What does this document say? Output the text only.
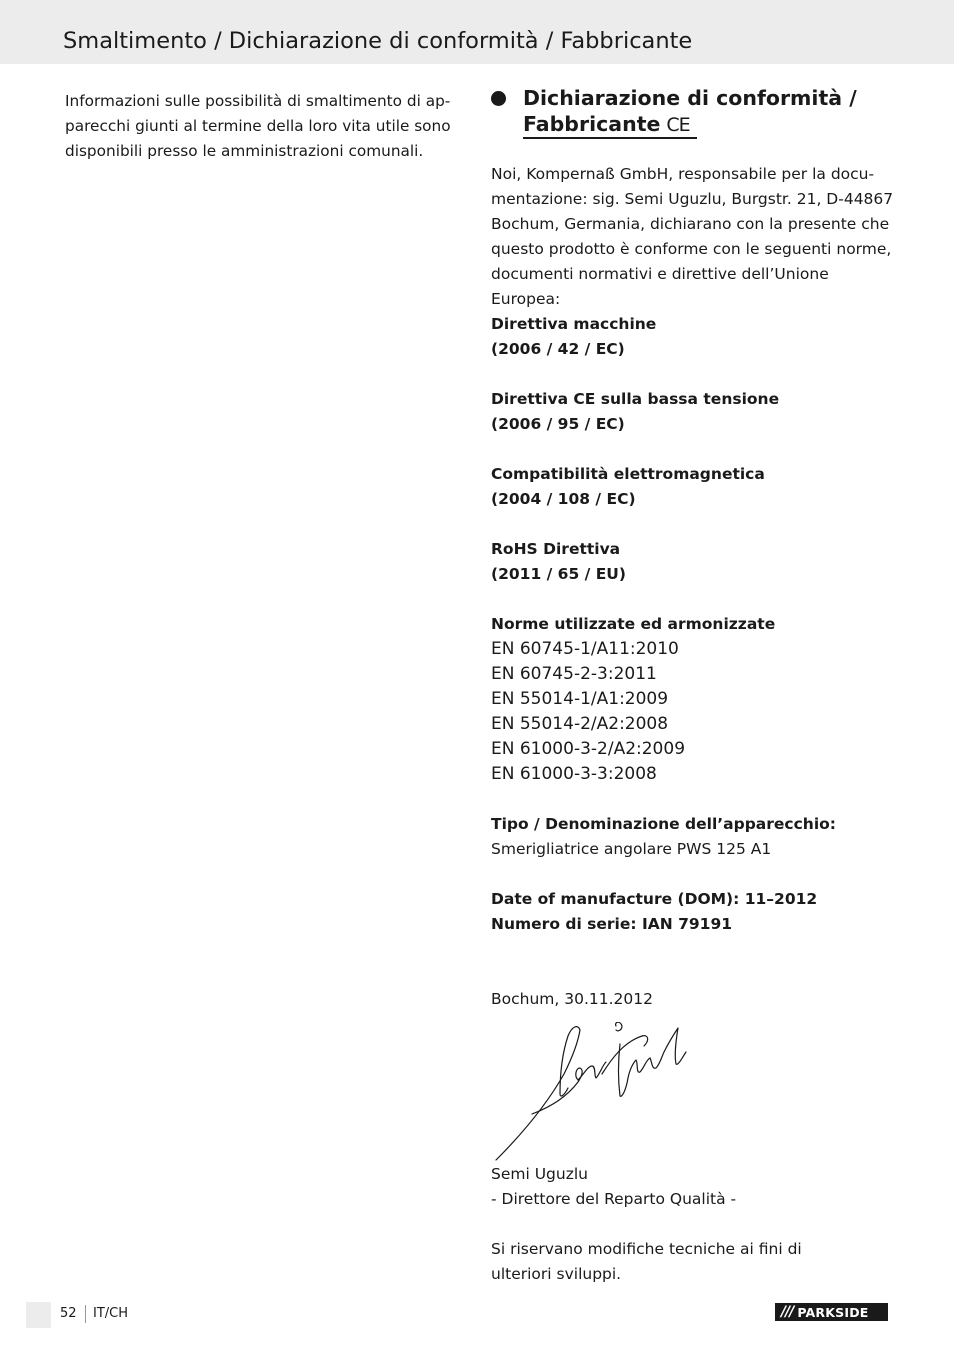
Smaltimento / Dichiarazione di conformità / Fabbricante

Informazioni sulle possibilità di smaltimento di ap-

parecchi giunti al termine della loro vita utile sono

disponibili presso le amministrazioni comunali.

Dichiarazione di conformità /
Fabbricante CE

Noi, Kompernaß GmbH, responsabile per la docu-

mentazione: sig. Semi Uguzlu, Burgstr. 21, D-44867

Bochum, Germania, dichiarano con la presente che

questo prodotto è conforme con le seguenti norme,

documenti normativi e direttive dell’Unione Europea:

Direttiva macchine

(2006 / 42 / EC)

Direttiva CE sulla bassa tensione

(2006 / 95 / EC)

Compatibilità elettromagnetica

(2004 / 108 / EC)

RoHS Direttiva

(2011 / 65 / EU)

Norme utilizzate ed armonizzate

EN 60745-1/A11:2010
EN 60745-2-3:2011
EN 55014-1/A1:2009
EN 55014-2/A2:2008
EN 61000-3-2/A2:2009
EN 61000-3-3:2008

Tipo / Denominazione dell’apparecchio:

Smerigliatrice angolare PWS 125 A1

Date of manufacture (DOM): 11–2012

Numero di serie: IAN 79191

Bochum, 30.11.2012

Semi Uguzlu

- Direttore del Reparto Qualità -

Si riservano modifiche tecniche ai fini di

ulteriori sviluppi.

52 IT/CH	/// PARKSIDE
